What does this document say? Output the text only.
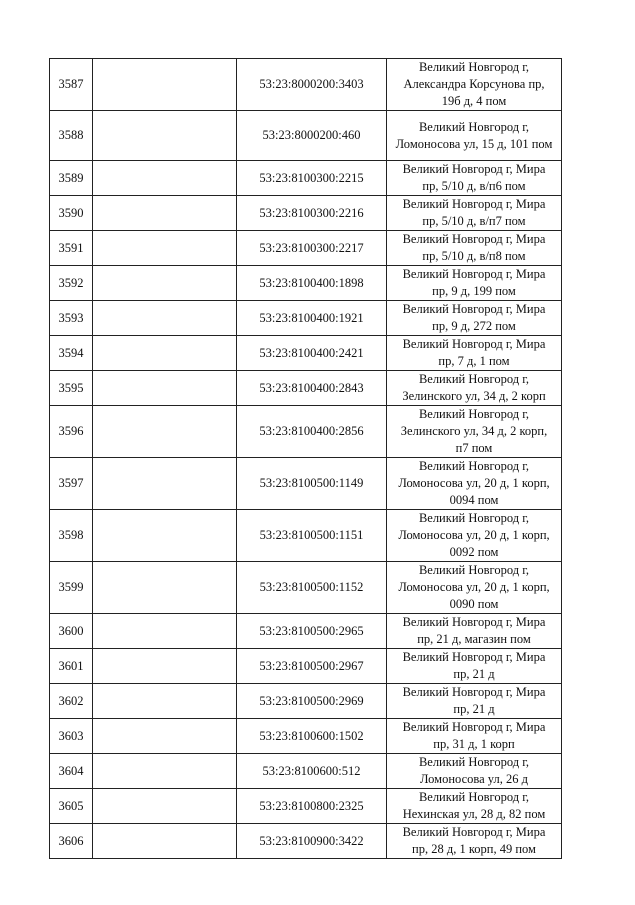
3587		53:23:8000200:3403	Великий Новгород г,
Александра Корсунова пр,
19б д, 4 пом

3588		53:23:8000200:460	Великий Новгород г,
Ломоносова ул, 15 д, 101 пом

3589		53:23:8100300:2215	Великий Новгород г, Мира
пр, 5/10 д, в/п6 пом

3590		53:23:8100300:2216	Великий Новгород г, Мира
пр, 5/10 д, в/п7 пом

3591		53:23:8100300:2217	Великий Новгород г, Мира
пр, 5/10 д, в/п8 пом

3592		53:23:8100400:1898	Великий Новгород г, Мира
пр, 9 д, 199 пом

3593		53:23:8100400:1921	Великий Новгород г, Мира
пр, 9 д, 272 пом

3594		53:23:8100400:2421	Великий Новгород г, Мира
пр, 7 д, 1 пом

3595		53:23:8100400:2843	Великий Новгород г,
Зелинского ул, 34 д, 2 корп

3596		53:23:8100400:2856	Великий Новгород г,
Зелинского ул, 34 д, 2 корп,
п7 пом

3597		53:23:8100500:1149	Великий Новгород г,
Ломоносова ул, 20 д, 1 корп,
0094 пом

3598		53:23:8100500:1151	Великий Новгород г,
Ломоносова ул, 20 д, 1 корп,
0092 пом

3599		53:23:8100500:1152	Великий Новгород г,
Ломоносова ул, 20 д, 1 корп,
0090 пом

3600		53:23:8100500:2965	Великий Новгород г, Мира
пр, 21 д, магазин пом

3601		53:23:8100500:2967	Великий Новгород г, Мира
пр, 21 д

3602		53:23:8100500:2969	Великий Новгород г, Мира
пр, 21 д

3603		53:23:8100600:1502	Великий Новгород г, Мира
пр, 31 д, 1 корп

3604		53:23:8100600:512	Великий Новгород г,
Ломоносова ул, 26 д

3605		53:23:8100800:2325	Великий Новгород г,
Нехинская ул, 28 д, 82 пом

3606		53:23:8100900:3422	Великий Новгород г, Мира
пр, 28 д, 1 корп, 49 пом
